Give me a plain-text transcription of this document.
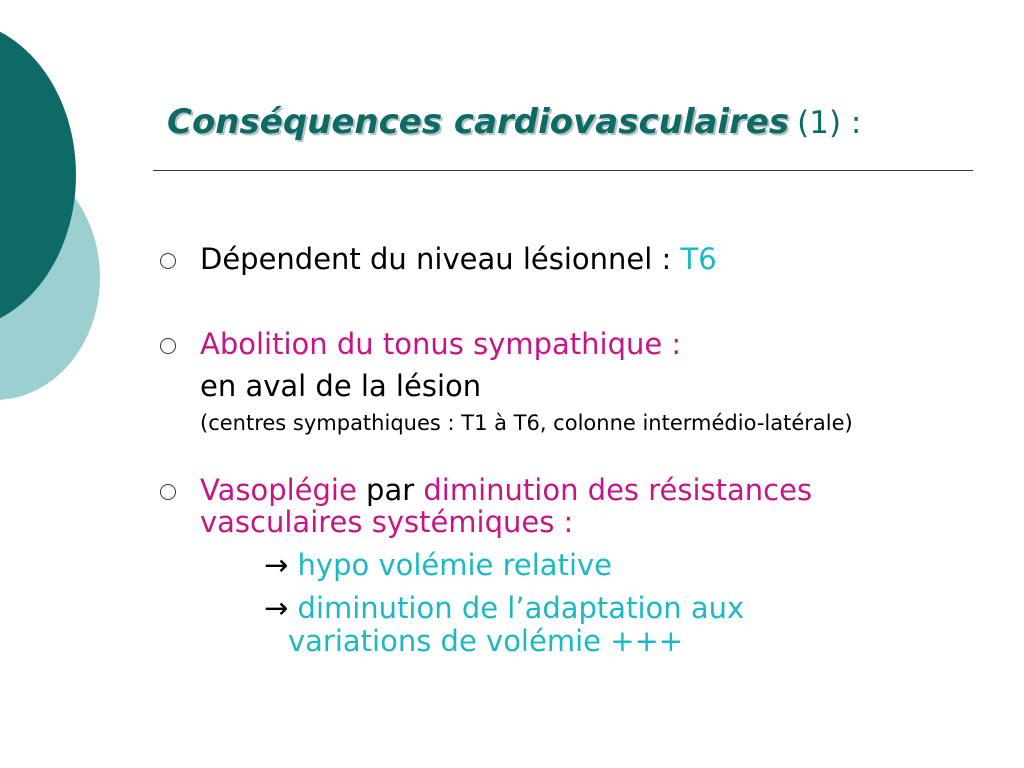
Conséquences cardiovasculaires (1) :
Dépendent du niveau lésionnel : T6
Abolition du tonus sympathique :
en aval de la lésion
(centres sympathiques : T1 à T6, colonne intermédio-latérale)
Vasoplégie par diminution des résistances
vasculaires systémiques :
→ hypo volémie relative
→ diminution de l’adaptation aux
variations de volémie +++
